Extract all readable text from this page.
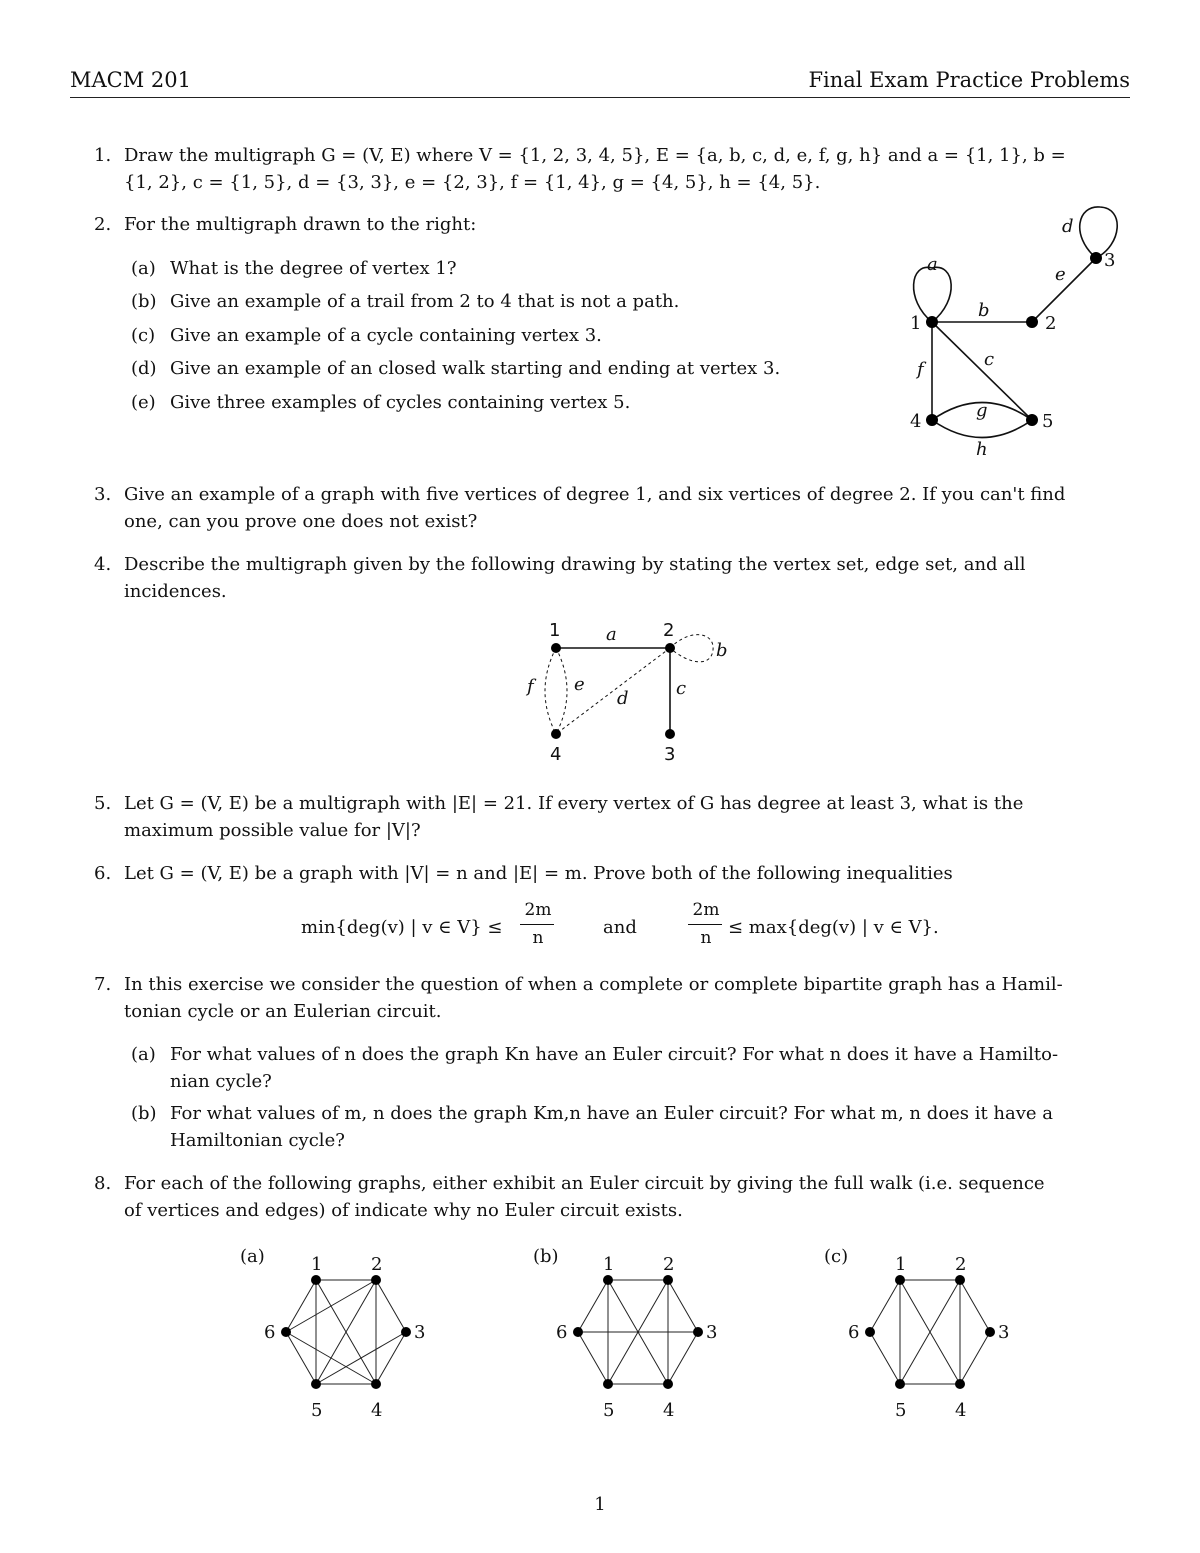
MACM 201	Final Exam Practice Problems
1. Draw the multigraph G = (V, E) where V = {1, 2, 3, 4, 5}, E = {a, b, c, d, e, f, g, h} and a = {1, 1}, b =
{1, 2}, c = {1, 5}, d = {3, 3}, e = {2, 3}, f = {1, 4}, g = {4, 5}, h = {4, 5}.
2. For the multigraph drawn to the right:
(a) What is the degree of vertex 1?
(b) Give an example of a trail from 2 to 4 that is not a path.
(c) Give an example of a cycle containing vertex 3.
(d) Give an example of an closed walk starting and ending at vertex 3.
(e) Give three examples of cycles containing vertex 5.
1	2
3
4	5
a
b
c
d
e
f
g
h
3. Give an example of a graph with five vertices of degree 1, and six vertices of degree 2. If you can't find
one, can you prove one does not exist?
4. Describe the multigraph given by the following drawing by stating the vertex set, edge set, and all
incidences.
1	2
3
4
a
b
c
d
e
f
5. Let G = (V, E) be a multigraph with |E| = 21. If every vertex of G has degree at least 3, what is the
maximum possible value for |V|?
6. Let G = (V, E) be a graph with |V| = n and |E| = m. Prove both of the following inequalities
min{deg(v) | v ∈ V} ≤
2m
n	and
2m
n ≤ max{deg(v) | v ∈ V}.
7. In this exercise we consider the question of when a complete or complete bipartite graph has a Hamil-
tonian cycle or an Eulerian circuit.
(a) For what values of n does the graph Kn have an Euler circuit? For what n does it have a Hamilto-
nian cycle?
(b) For what values of m, n does the graph Km,n have an Euler circuit? For what m, n does it have a
Hamiltonian cycle?
8. For each of the following graphs, either exhibit an Euler circuit by giving the full walk (i.e. sequence
of vertices and edges) of indicate why no Euler circuit exists.
1	2
3
4
5
6
(a)	1	2
3
4
5
6
(b)	1	2
3
4
5
6
(c)
1
